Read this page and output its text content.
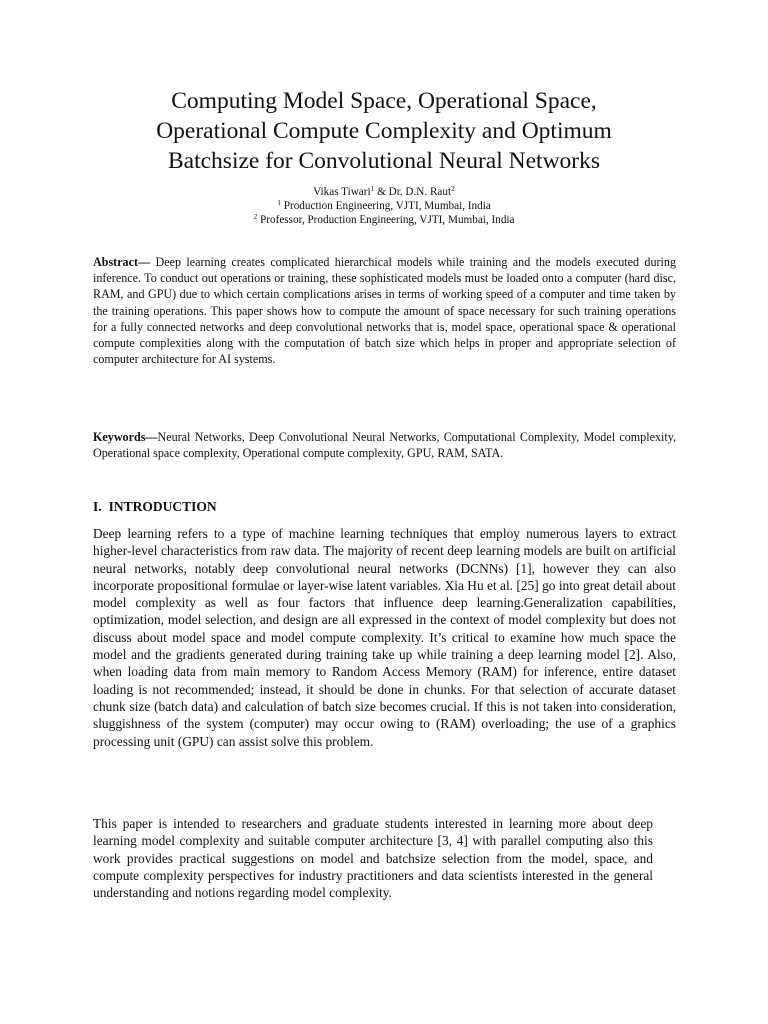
Computing Model Space, Operational Space,
Operational Compute Complexity and Optimum
Batchsize for Convolutional Neural Networks
Vikas Tiwari$^1$ & Dr. D.N. Raut$^2$
$^1$ Production Engineering, VJTI, Mumbai, India
$^2$ Professor, Production Engineering, VJTI, Mumbai, India

Abstract— Deep learning creates complicated hierarchical models while training and the models executed during inference. To conduct out operations or training, these sophisticated models must be loaded onto a computer (hard disc, RAM, and GPU) due to which certain complications arises in terms of working speed of a computer and time taken by the training operations. This paper shows how to compute the amount of space necessary for such training operations for a fully connected networks and deep convolutional networks that is, model space, operational space & operational compute complexities along with the computation of batch size which helps in proper and appropriate selection of computer architecture for AI systems.

Keywords—Neural Networks, Deep Convolutional Neural Networks, Computational Complexity, Model complexity, Operational space complexity, Operational compute complexity, GPU, RAM, SATA.

I. INTRODUCTION

Deep learning refers to a type of machine learning techniques that employ numerous layers to extract higher-level characteristics from raw data. The majority of recent deep learning models are built on artificial neural networks, notably deep convolutional neural networks (DCNNs) [1], however they can also incorporate propositional formulae or layer-wise latent variables. Xia Hu et al. [25] go into great detail about model complexity as well as four factors that influence deep learning.Generalization capabilities, optimization, model selection, and design are all expressed in the context of model complexity but does not discuss about model space and model compute complexity. It’s critical to examine how much space the model and the gradients generated during training take up while training a deep learning model [2]. Also, when loading data from main memory to Random Access Memory (RAM) for inference, entire dataset loading is not recommended; instead, it should be done in chunks. For that selection of accurate dataset chunk size (batch data) and calculation of batch size becomes crucial. If this is not taken into consideration, sluggishness of the system (computer) may occur owing to (RAM) overloading; the use of a graphics processing unit (GPU) can assist solve this problem.

This paper is intended to researchers and graduate students interested in learning more about deep learning model complexity and suitable computer architecture [3, 4] with parallel computing also this work provides practical suggestions on model and batchsize selection from the model, space, and compute complexity perspectives for industry practitioners and data scientists interested in the general understanding and notions regarding model complexity.
